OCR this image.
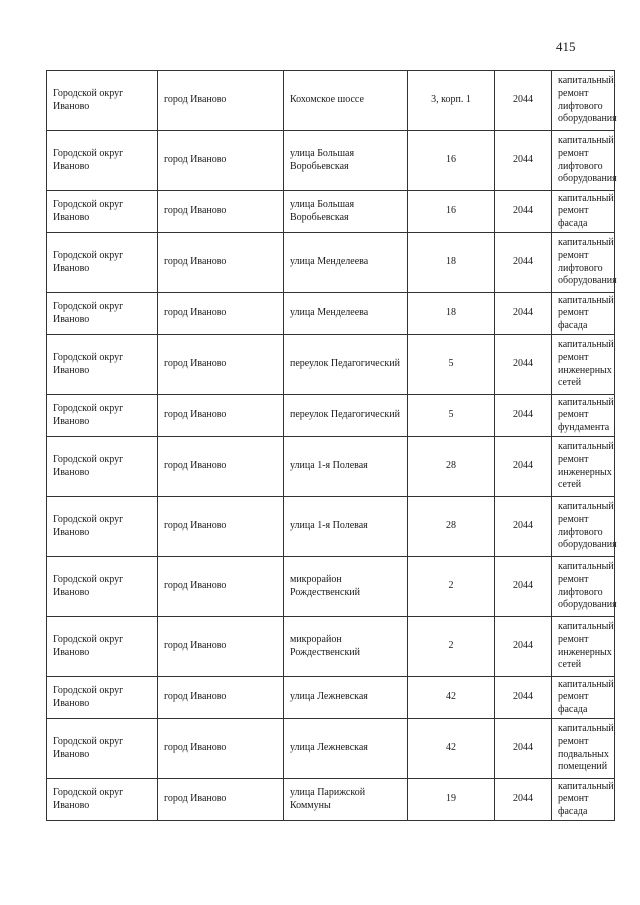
415
Городской округ Иваново	город Иваново	Кохомское шоссе	3, корп. 1	2044	капитальный ремонт лифтового оборудования
Городской округ Иваново	город Иваново	улица Большая Воробьевская	16	2044	капитальный ремонт лифтового оборудования
Городской округ Иваново	город Иваново	улица Большая Воробьевская	16	2044	капитальный ремонт фасада
Городской округ Иваново	город Иваново	улица Менделеева	18	2044	капитальный ремонт лифтового оборудования
Городской округ Иваново	город Иваново	улица Менделеева	18	2044	капитальный ремонт фасада
Городской округ Иваново	город Иваново	переулок Педагогический	5	2044	капитальный ремонт инженерных сетей
Городской округ Иваново	город Иваново	переулок Педагогический	5	2044	капитальный ремонт фундамента
Городской округ Иваново	город Иваново	улица 1-я Полевая	28	2044	капитальный ремонт инженерных сетей
Городской округ Иваново	город Иваново	улица 1-я Полевая	28	2044	капитальный ремонт лифтового оборудования
Городской округ Иваново	город Иваново	микрорайон Рождественский	2	2044	капитальный ремонт лифтового оборудования
Городской округ Иваново	город Иваново	микрорайон Рождественский	2	2044	капитальный ремонт инженерных сетей
Городской округ Иваново	город Иваново	улица Лежневская	42	2044	капитальный ремонт фасада
Городской округ Иваново	город Иваново	улица Лежневская	42	2044	капитальный ремонт подвальных помещений
Городской округ Иваново	город Иваново	улица Парижской Коммуны	19	2044	капитальный ремонт фасада
